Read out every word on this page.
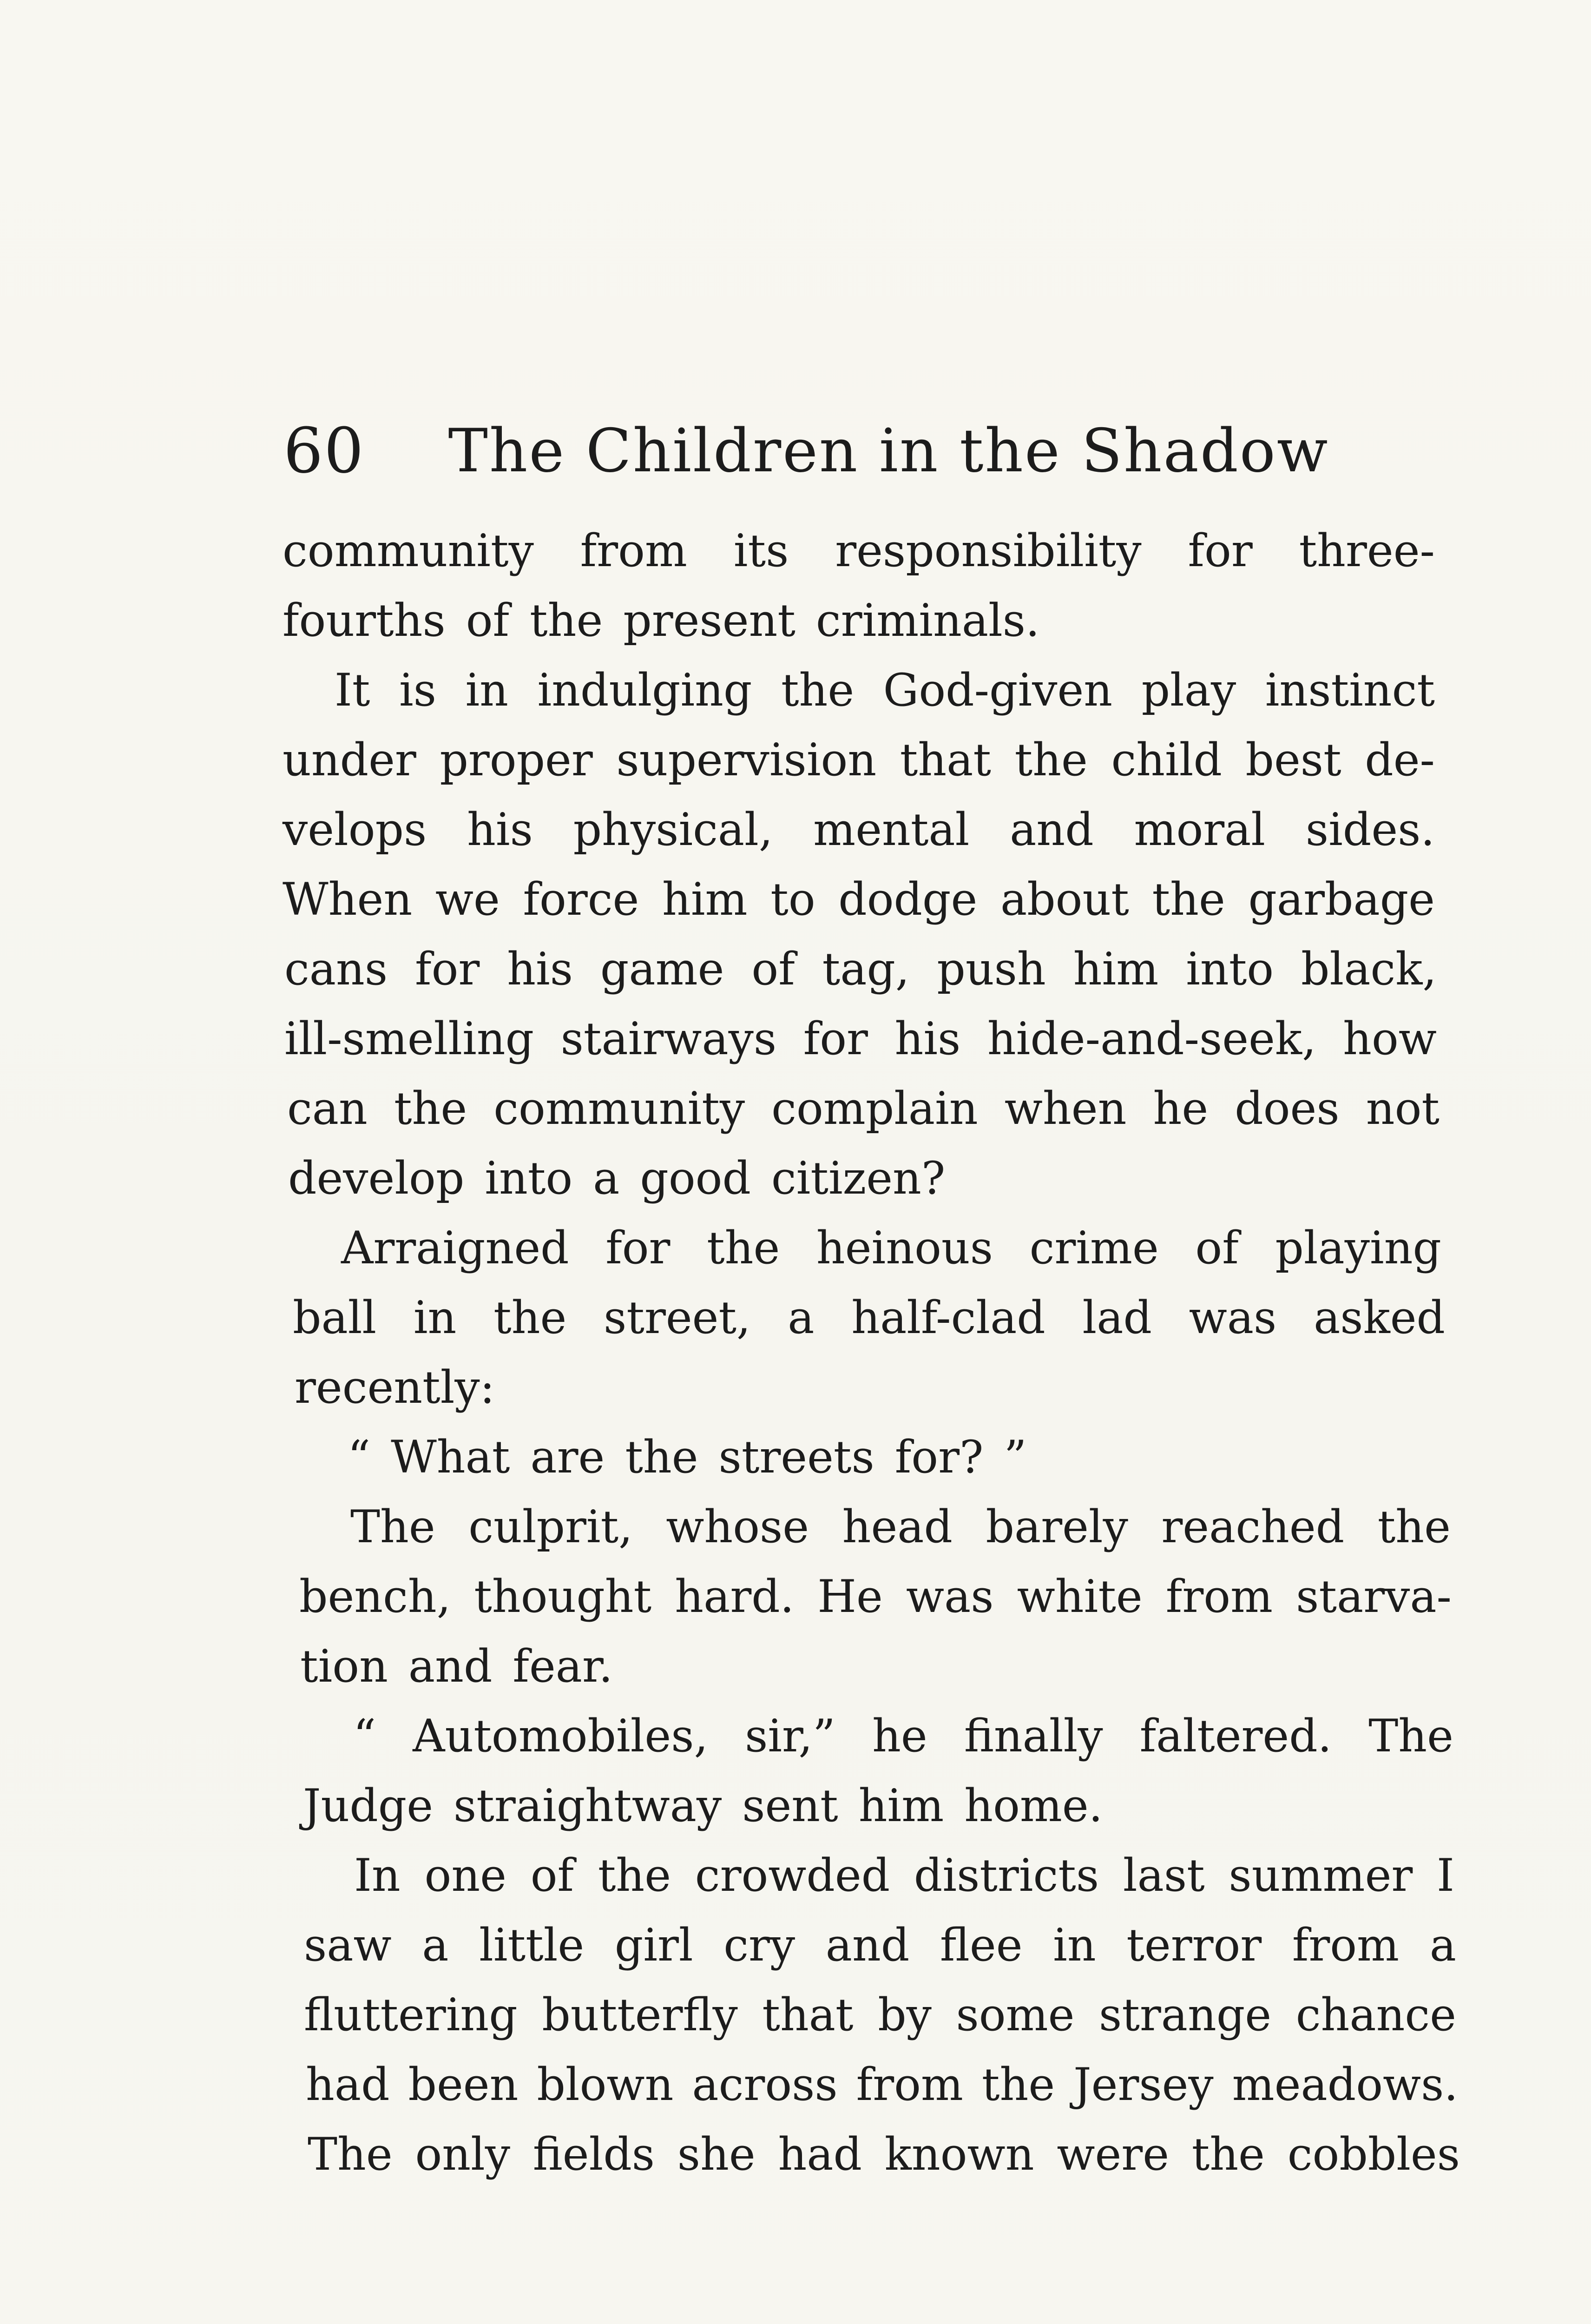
60 The Children in the Shadow
community from its responsibility for three-
fourths of the present criminals.
It is in indulging the God-given play instinct
under proper supervision that the child best de-
velops his physical, mental and moral sides.
When we force him to dodge about the garbage
cans for his game of tag, push him into black,
ill-smelling stairways for his hide-and-seek, how
can the community complain when he does not
develop into a good citizen?
Arraigned for the heinous crime of playing
ball in the street, a half-clad lad was asked
recently:
“ What are the streets for? ”
The culprit, whose head barely reached the
bench, thought hard. He was white from starva-
tion and fear.
“ Automobiles, sir,” he finally faltered. The
Judge straightway sent him home.
In one of the crowded districts last summer I
saw a little girl cry and flee in terror from a
fluttering butterfly that by some strange chance
had been blown across from the Jersey meadows.
The only fields she had known were the cobbles
